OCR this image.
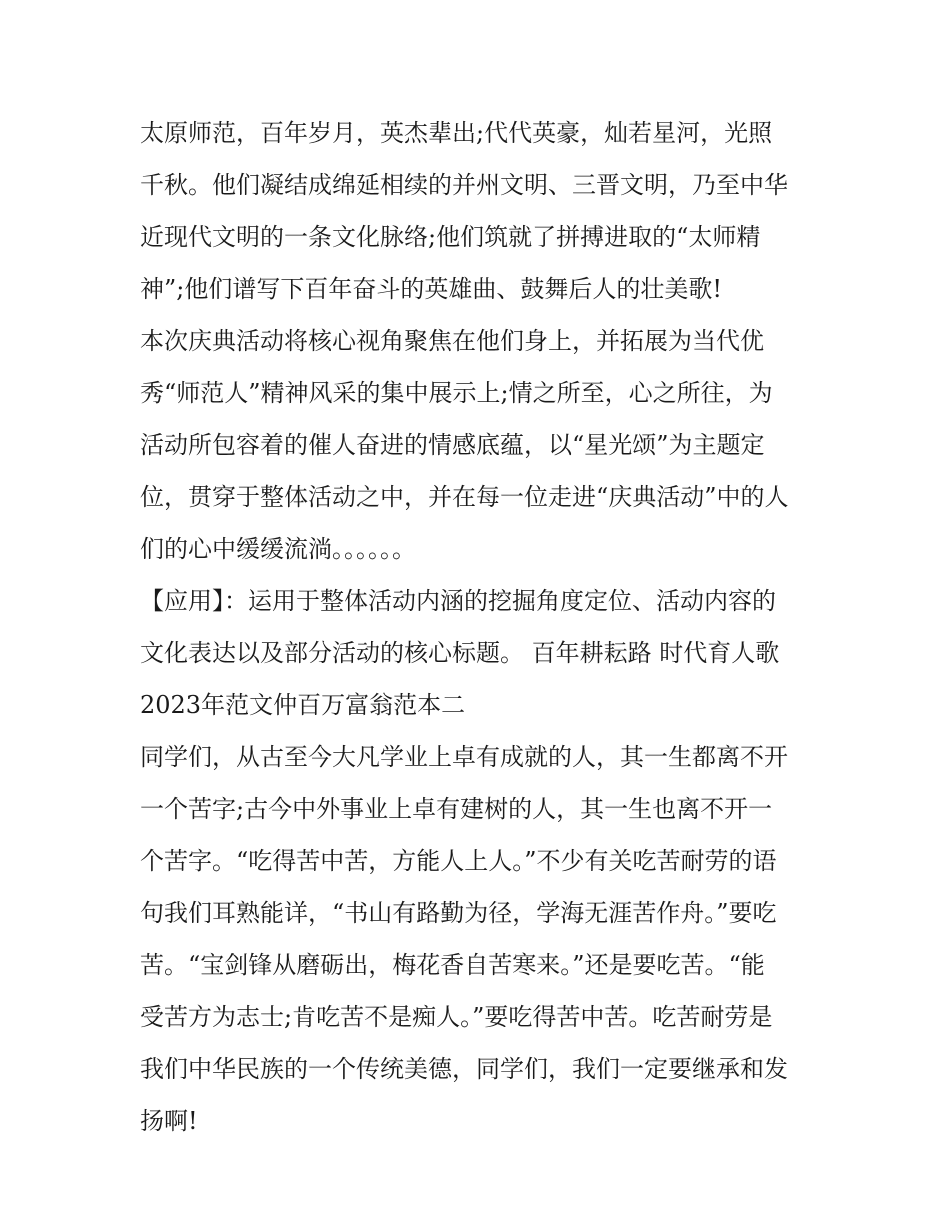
太原师范，百年岁月，英杰辈出;代代英豪，灿若星河，光照
千秋。他们凝结成绵延相续的并州文明、三晋文明，乃至中华
近现代文明的一条文化脉络;他们筑就了拼搏进取的“太师精
神”;他们谱写下百年奋斗的英雄曲、鼓舞后人的壮美歌!
本次庆典活动将核心视角聚焦在他们身上，并拓展为当代优
秀“师范人”精神风采的集中展示上;情之所至，心之所往，为
活动所包容着的催人奋进的情感底蕴，以“星光颂”为主题定
位，贯穿于整体活动之中，并在每一位走进“庆典活动”中的人
们的心中缓缓流淌。。。。。。
【应用】：运用于整体活动内涵的挖掘角度定位、活动内容的
文化表达以及部分活动的核心标题。 百年耕耘路 时代育人歌
2023年范文仲百万富翁范本二
同学们，从古至今大凡学业上卓有成就的人，其一生都离不开
一个苦字;古今中外事业上卓有建树的人，其一生也离不开一
个苦字。“吃得苦中苦，方能人上人。”不少有关吃苦耐劳的语
句我们耳熟能详，“书山有路勤为径，学海无涯苦作舟。”要吃
苦。“宝剑锋从磨砺出，梅花香自苦寒来。”还是要吃苦。“能
受苦方为志士;肯吃苦不是痴人。”要吃得苦中苦。吃苦耐劳是
我们中华民族的一个传统美德，同学们，我们一定要继承和发
扬啊!
